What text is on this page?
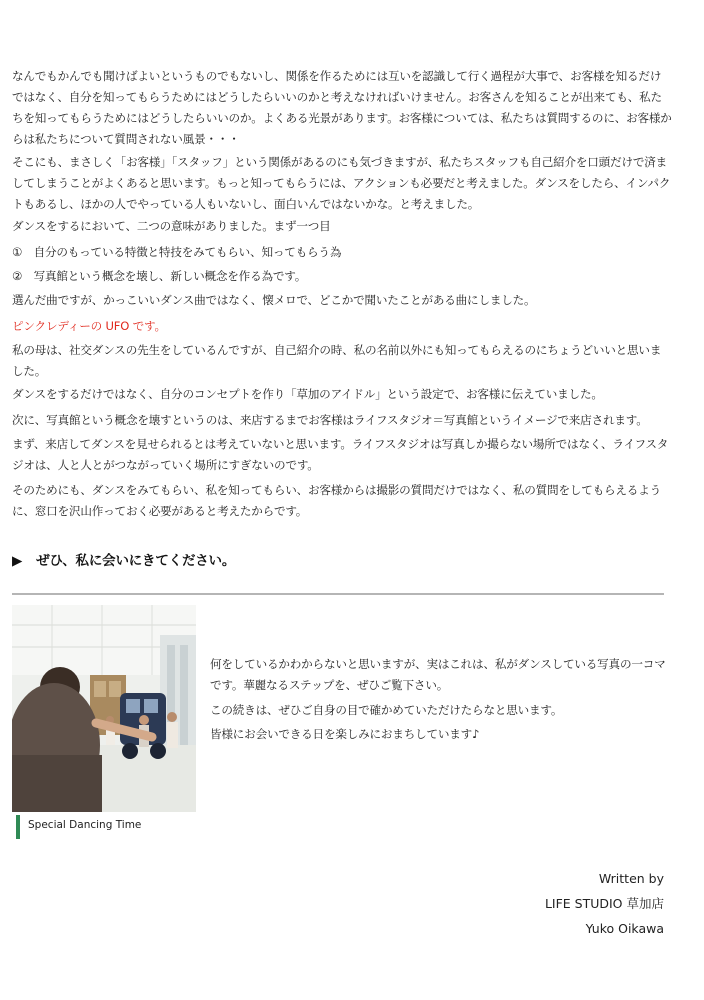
なんでもかんでも聞けばよいというものでもないし、関係を作るためには互いを認識して行く過程が大事で、お客様を知るだけではなく、自分を知ってもらうためにはどうしたらいいのかと考えなければいけません。お客さんを知ることが出来ても、私たちを知ってもらうためにはどうしたらいいのか。よくある光景があります。お客様については、私たちは質問するのに、お客様からは私たちについて質問されない風景・・・

そこにも、まさしく「お客様」「スタッフ」という関係があるのにも気づきますが、私たちスタッフも自己紹介を口頭だけで済ましてしまうことがよくあると思います。もっと知ってもらうには、アクションも必要だと考えました。ダンスをしたら、インパクトもあるし、ほかの人でやっている人もいないし、面白いんではないかな。と考えました。

ダンスをするにおいて、二つの意味がありました。まず一つ目

①　自分のもっている特徴と特技をみてもらい、知ってもらう為

②　写真館という概念を壊し、新しい概念を作る為です。

選んだ曲ですが、かっこいいダンス曲ではなく、懐メロで、どこかで聞いたことがある曲にしました。

ピンクレディーの UFO です。

私の母は、社交ダンスの先生をしているんですが、自己紹介の時、私の名前以外にも知ってもらえるのにちょうどいいと思いました。

ダンスをするだけではなく、自分のコンセプトを作り「草加のアイドル」という設定で、お客様に伝えていました。

次に、写真館という概念を壊すというのは、来店するまでお客様はライフスタジオ＝写真館というイメージで来店されます。

まず、来店してダンスを見せられるとは考えていないと思います。ライフスタジオは写真しか撮らない場所ではなく、ライフスタジオは、人と人とがつながっていく場所にすぎないのです。

そのためにも、ダンスをみてもらい、私を知ってもらい、お客様からは撮影の質問だけではなく、私の質問をしてもらえるように、窓口を沢山作っておく必要があると考えたからです。

▶ ぜひ、私に会いにきてください。

Special Dancing Time

何をしているかわからないと思いますが、実はこれは、私がダンスしている写真の一コマです。華麗なるステップを、ぜひご覧下さい。

この続きは、ぜひご自身の目で確かめていただけたらなと思います。

皆様にお会いできる日を楽しみにおまちしています♪

Written by

LIFE STUDIO 草加店

Yuko Oikawa
